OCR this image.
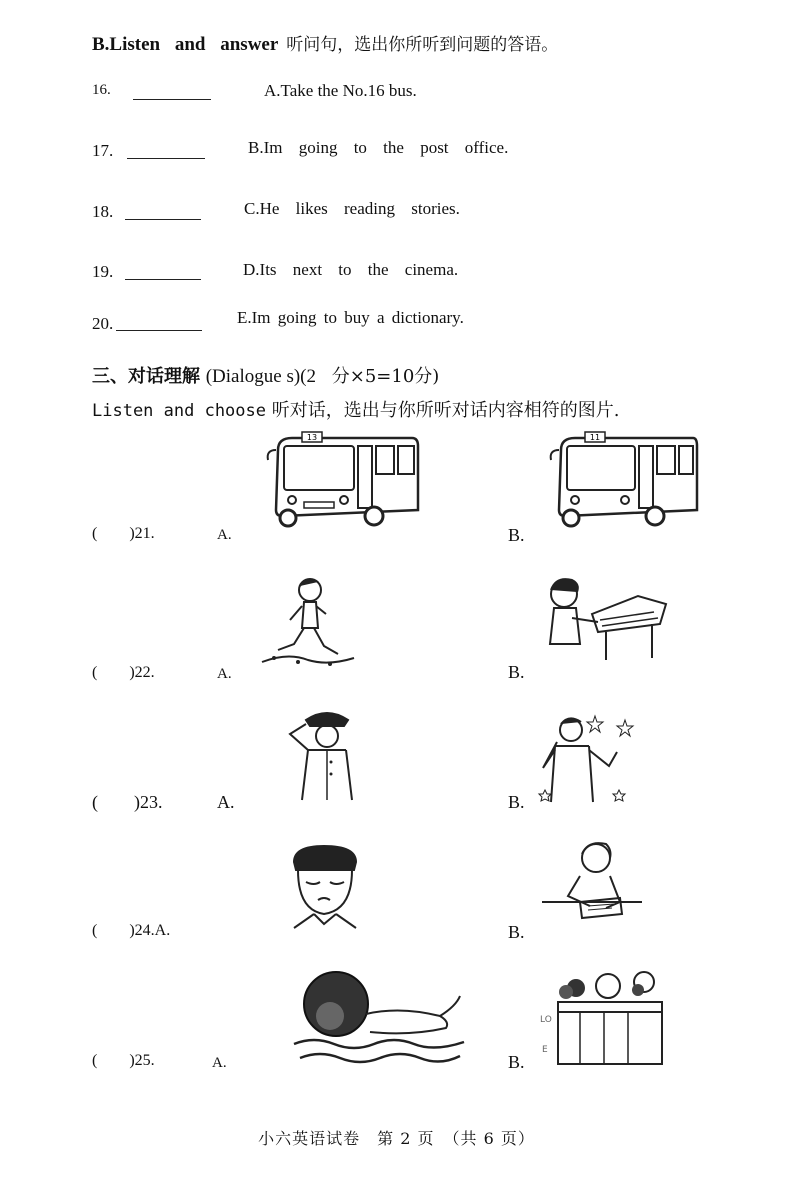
B.Listen and answer 听问句，选出你所听到问题的答语。
16.	A.Take the No.16 bus.
17.	B.Im going to the post office.
18.	C.He likes reading stories.
19.	D.Its next to the cinema.
20.	E.Im going to buy a dictionary.
三、对话理解 (Dialogue s)(2 分×5=10分)
Listen and choose 听对话，选出与你所听对话内容相符的图片.
(        )21.	A.	B.
13	11
(        )22.	A.	B.
(        )23.	A.	B.
(        )24.A.	B.
(        )25.	A.	B.
LO
E
小六英语试卷　第 2 页　（共 6 页）
